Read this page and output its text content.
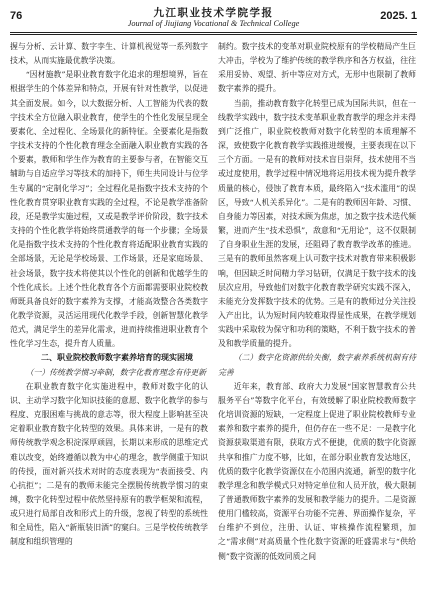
76	九江职业技术学院学报
Journal of Jiujiang Vocational & Technical College
2025. 1

握与分析、云计算、数字孪生、计算机视觉等一系列数字技术，从而实施最优教学决策。

“因材施教”是职业教育数字化追求的理想境界，旨在根据学生的个体差异和特点，开展有针对性教学，以促进其全面发展。如今，以大数据分析、人工智能为代表的数字技术全方位融入职业教育，使学生的个性化发展呈现全要素化、全过程化、全场景化的新特征。全要素化是指数字技术支持的个性化教育理念全面融入职业教育实践的各个要素，教师和学生作为教育的主要参与者，在智能交互辅助与自适应学习等技术的加持下，师生共同设计与位学生专属的“定制化学习”；全过程化是指数字技术支持的个性化教育贯穿职业教育实践的全过程，不论是教学准备阶段，还是教学实施过程，又或是教学评价阶段，数字技术支持的个性化教学将始终贯通教学的每一个步骤；全场景化是指数字技术支持的个性化教育将适配职业教育实践的全部场景，无论是学校场景、工作场景，还是家庭场景、社会场景，数字技术将使其以个性化的创新和优越学生的个性化成长。上述个性化教育各个方面都需要职业院校教师既具备良好的数字素养为支撑，才能高效整合各类数字化教学资源，灵活运用现代化教学手段，创新智慧化教学范式，满足学生的差异化需求，进而持续推进职业教育个性化学习生态，提升育人质量。

二、职业院校教师数字素养培育的现实困境

（一）传统教学惯习牵制，数字化教育理念有待更新

在职业教育数字化实施进程中，教师对数字化的认识、主动学习数字化知识技能的意愿、数字化教学的参与程度、克服困难与挑战的意志等，很大程度上影响甚至决定着职业教育数字化转型的效果。具体来讲，一是有的教师传统教学观念积淀深厚顽固，长期以来形成的思维定式难以改变，始终遵循以教为中心的理念，教学侧重于知识的传授，面对新兴技术对时的态度表现为“表面接受、内心抗拒”；二是有的教师未能完全摆脱传统教学惯习的束缚，数字化转型过程中依然坚持原有的教学框架和流程，或只进行局部自改和形式上的升级，忽视了转型的系统性和全局性，陷入“新瓶装旧酒”的窠臼。三是学校传统教学制度和组织管理的

制约。数字技术的变革对职业院校原有的学校精局产生巨大冲击，学校为了维护传统的教学秩序和各方权益，往往采用妥协、观望、折中等应对方式，无形中也限制了教师数字素养的提升。

当前，推动教育数字化转型已成为国际共识，但在一线教学实践中，数字技术变革职业教育教学的理念并未得到广泛推广，职业院校教师对数字化转型的本质理解不深，致使数字化教育教学实践推进缓慢，主要表现在以下三个方面。一是有的教师对技术盲目崇拜，技术使用不当或过度使用，教学过程中情况地将运用技术视为提升教学质量的核心，侵蚀了教育本质，最终陷入“技术滥用”的误区，导致“人机关系异化”。二是有的教师因年龄、习惯、自身能力等因素，对技术顾为焦虑，加之数字技术迭代频繁，进而产生“技术恐惧”，敌意和“无用论”，这不仅限制了自身职业生涯的发展，还阻碍了教育教学改革的推进。三是有的教师虽然客观上认可数字技术对教育带来积极影响，但因缺乏时间精力学习钻研，仅满足于数字技术的浅层次应用，导致他们对数字化教育教学研究实践不深入，未能充分发挥数字技术的优势。三是有的教师过分关注投入产出比，认为短时间内较难取得显性成果，在教学规划实践中采取较为保守和功利的策略，不利于数字技术的普及和教学质量的提升。

（二）数字化资源供给失衡，数字素养系统机制有待完善

近年来，教育部、政府大力发展“国家智慧教育公共服务平台”等数字化平台，有效缓解了职业院校教师数字化培训资源的短缺，一定程度上促进了职业院校教师专业素养和数字素养的提升，但仍存在一些不足：一是教字化资源获取渠道有限，获取方式不便捷，优质的数字化资源共享和推广力度不够，比如，在部分职业教育发达地区，优质的数字化教学资源仅在小范围内流通，新型的数字化教学理念和教学模式只对特定单位和人员开放，极大限制了普通教师数字素养的发展和教学能力的提升。二是资源使用门槛较高，资源平台功能不完善、界面操作复杂，平台维护不到位，注册、认证、审核操作流程繁琐，加之“需求侧”对高质量个性化数字资源的旺盛需求与“供给侧”数字资源的低效同质之间
